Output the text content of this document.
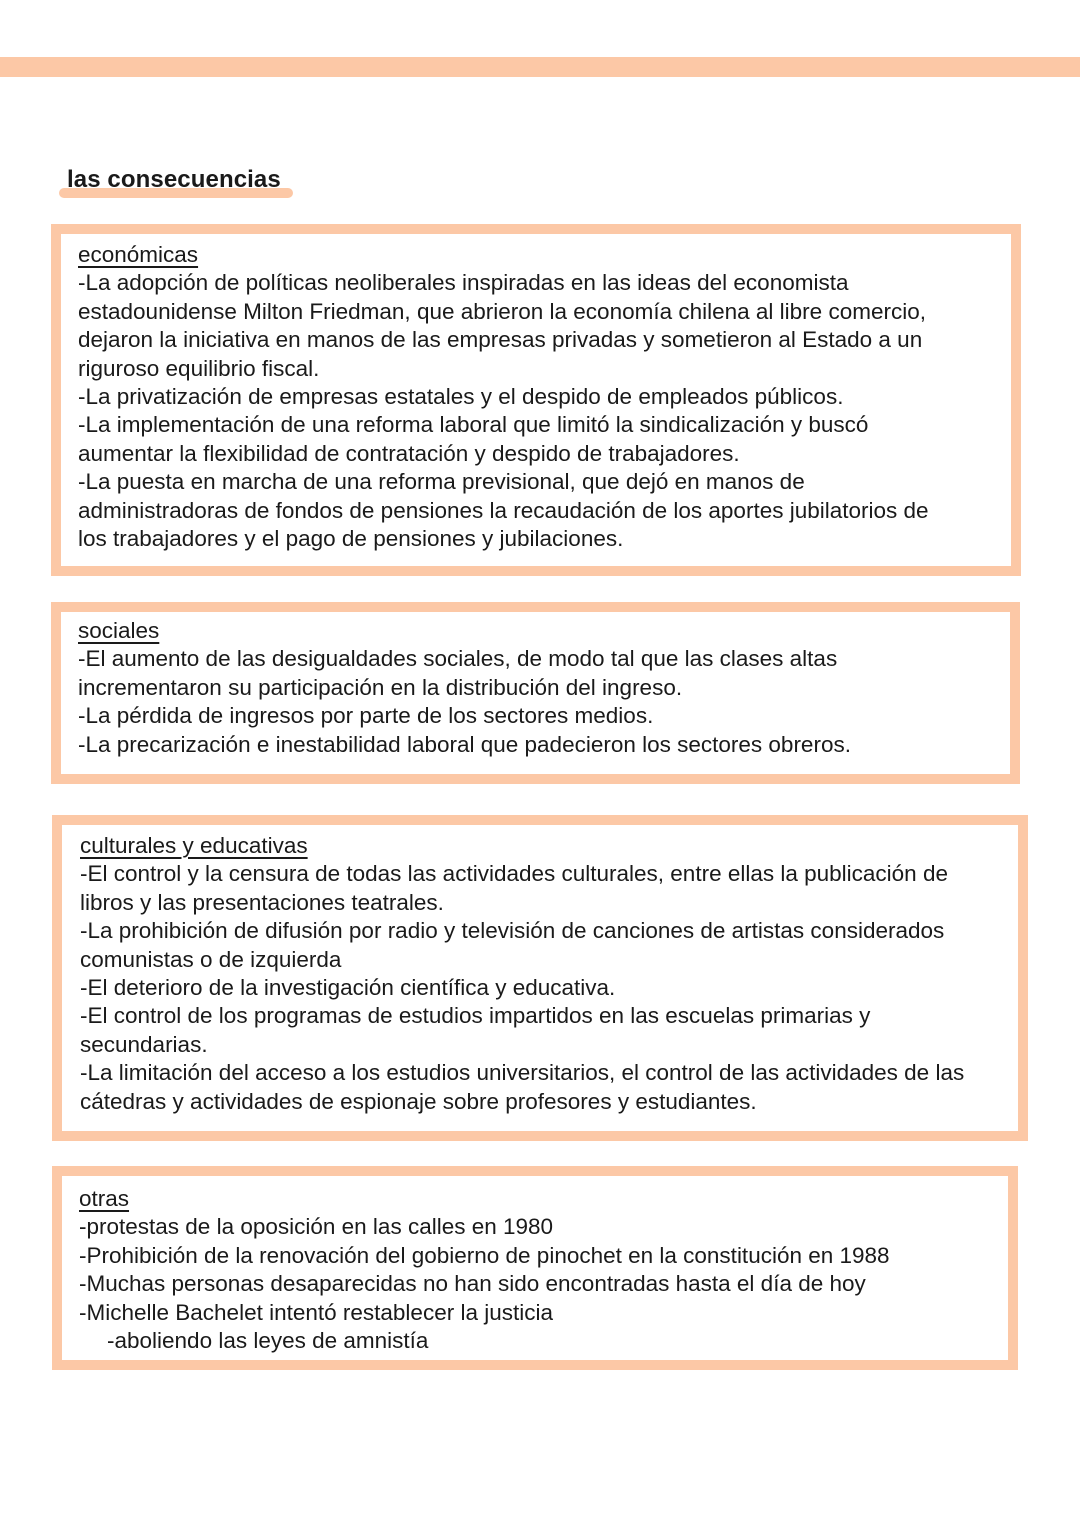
las consecuencias
económicas
-La adopción de políticas neoliberales inspiradas en las ideas del economista
estadounidense Milton Friedman, que abrieron la economía chilena al libre comercio,
dejaron la iniciativa en manos de las empresas privadas y sometieron al Estado a un
riguroso equilibrio fiscal.
-La privatización de empresas estatales y el despido de empleados públicos.
-La implementación de una reforma laboral que limitó la sindicalización y buscó
aumentar la flexibilidad de contratación y despido de trabajadores.
-La puesta en marcha de una reforma previsional, que dejó en manos de
administradoras de fondos de pensiones la recaudación de los aportes jubilatorios de
los trabajadores y el pago de pensiones y jubilaciones.
sociales
-El aumento de las desigualdades sociales, de modo tal que las clases altas
incrementaron su participación en la distribución del ingreso.
-La pérdida de ingresos por parte de los sectores medios.
-La precarización e inestabilidad laboral que padecieron los sectores obreros.
culturales y educativas
-El control y la censura de todas las actividades culturales, entre ellas la publicación de
libros y las presentaciones teatrales.
-La prohibición de difusión por radio y televisión de canciones de artistas considerados
comunistas o de izquierda
-El deterioro de la investigación científica y educativa.
-El control de los programas de estudios impartidos en las escuelas primarias y
secundarias.
-La limitación del acceso a los estudios universitarios, el control de las actividades de las
cátedras y actividades de espionaje sobre profesores y estudiantes.
otras
-protestas de la oposición en las calles en 1980
-Prohibición de la renovación del gobierno de pinochet en la constitución en 1988
-Muchas personas desaparecidas no han sido encontradas hasta el día de hoy
-Michelle Bachelet intentó restablecer la justicia
-aboliendo las leyes de amnistía
